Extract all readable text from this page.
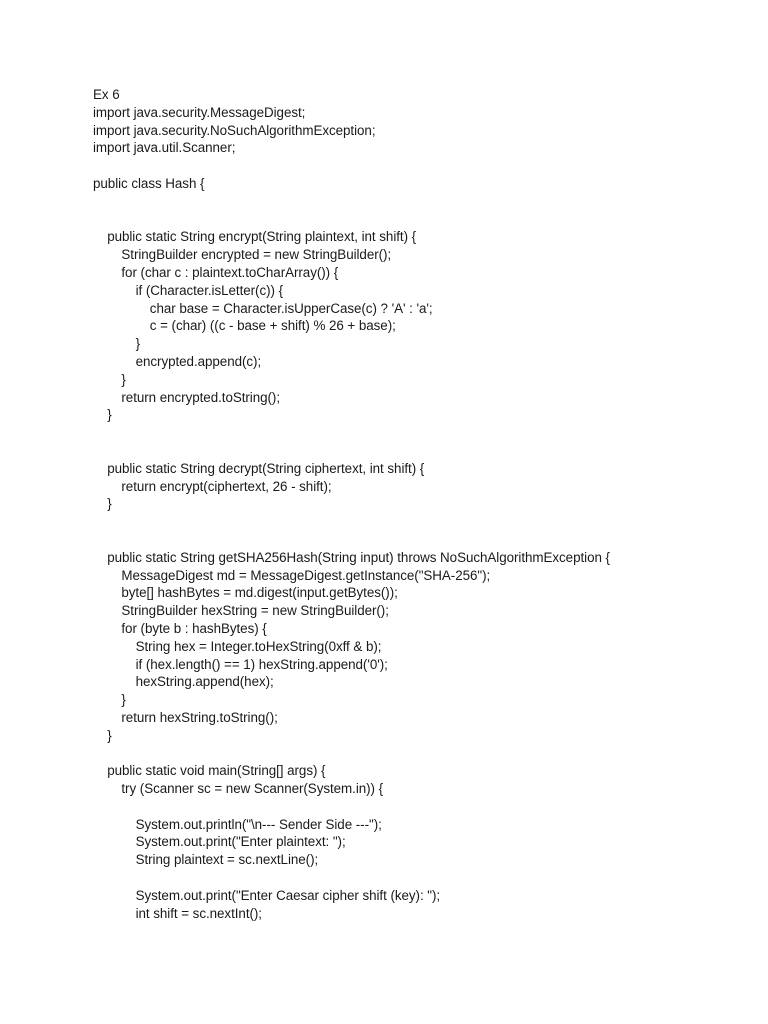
Ex 6
import java.security.MessageDigest;
import java.security.NoSuchAlgorithmException;
import java.util.Scanner;
public class Hash {
public static String encrypt(String plaintext, int shift) {
StringBuilder encrypted = new StringBuilder();
for (char c : plaintext.toCharArray()) {
if (Character.isLetter(c)) {
char base = Character.isUpperCase(c) ? 'A' : 'a';
c = (char) ((c - base + shift) % 26 + base);
}
encrypted.append(c);
}
return encrypted.toString();
}
public static String decrypt(String ciphertext, int shift) {
return encrypt(ciphertext, 26 - shift);
}
public static String getSHA256Hash(String input) throws NoSuchAlgorithmException {
MessageDigest md = MessageDigest.getInstance("SHA-256");
byte[] hashBytes = md.digest(input.getBytes());
StringBuilder hexString = new StringBuilder();
for (byte b : hashBytes) {
String hex = Integer.toHexString(0xff & b);
if (hex.length() == 1) hexString.append('0');
hexString.append(hex);
}
return hexString.toString();
}
public static void main(String[] args) {
try (Scanner sc = new Scanner(System.in)) {
System.out.println("\n--- Sender Side ---");
System.out.print("Enter plaintext: ");
String plaintext = sc.nextLine();
System.out.print("Enter Caesar cipher shift (key): ");
int shift = sc.nextInt();
